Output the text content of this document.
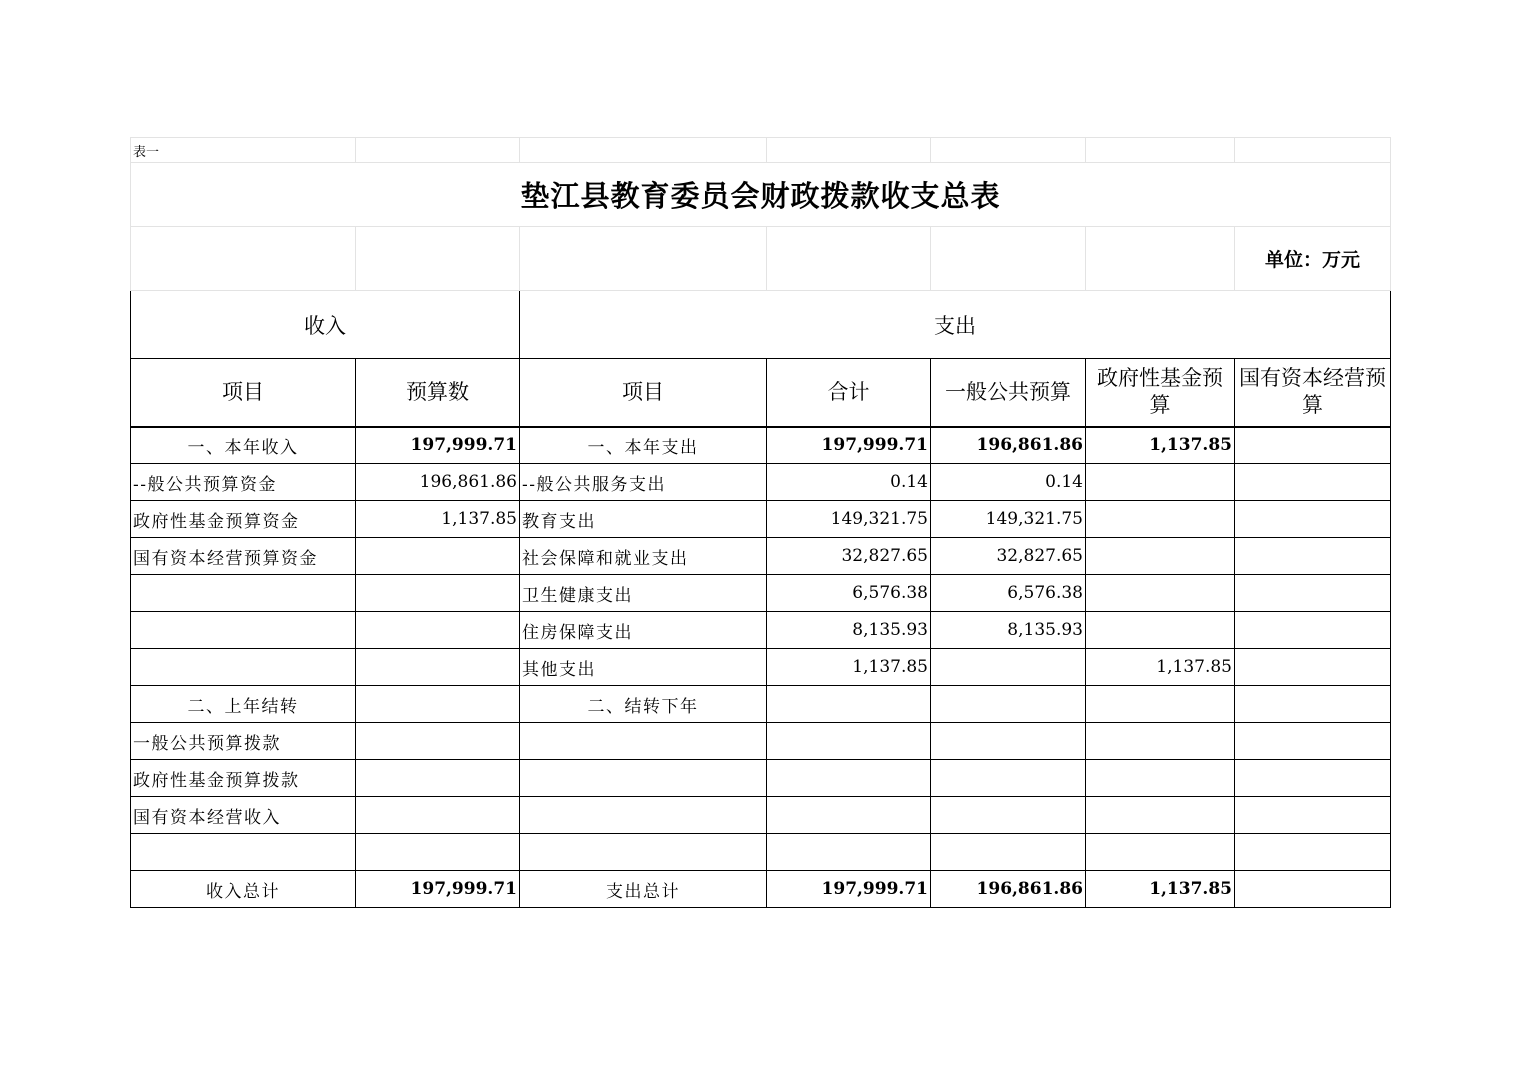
表一						
垫江县教育委员会财政拨款收支总表						
						单位：万元
收入		支出				
项目	预算数	项目	合计	一般公共预算	政府性基金预算	国有资本经营预算
一、本年收入	197,999.71	一、本年支出	197,999.71	196,861.86	1,137.85	
--般公共预算资金	196,861.86	--般公共服务支出	0.14	0.14		
政府性基金预算资金	1,137.85	教育支出	149,321.75	149,321.75		
国有资本经营预算资金		社会保障和就业支出	32,827.65	32,827.65		
		卫生健康支出	6,576.38	6,576.38		
		住房保障支出	8,135.93	8,135.93		
		其他支出	1,137.85		1,137.85	
二、上年结转		二、结转下年				
一般公共预算拨款						
政府性基金预算拨款						
国有资本经营收入						

收入总计	197,999.71	支出总计	197,999.71	196,861.86	1,137.85	
